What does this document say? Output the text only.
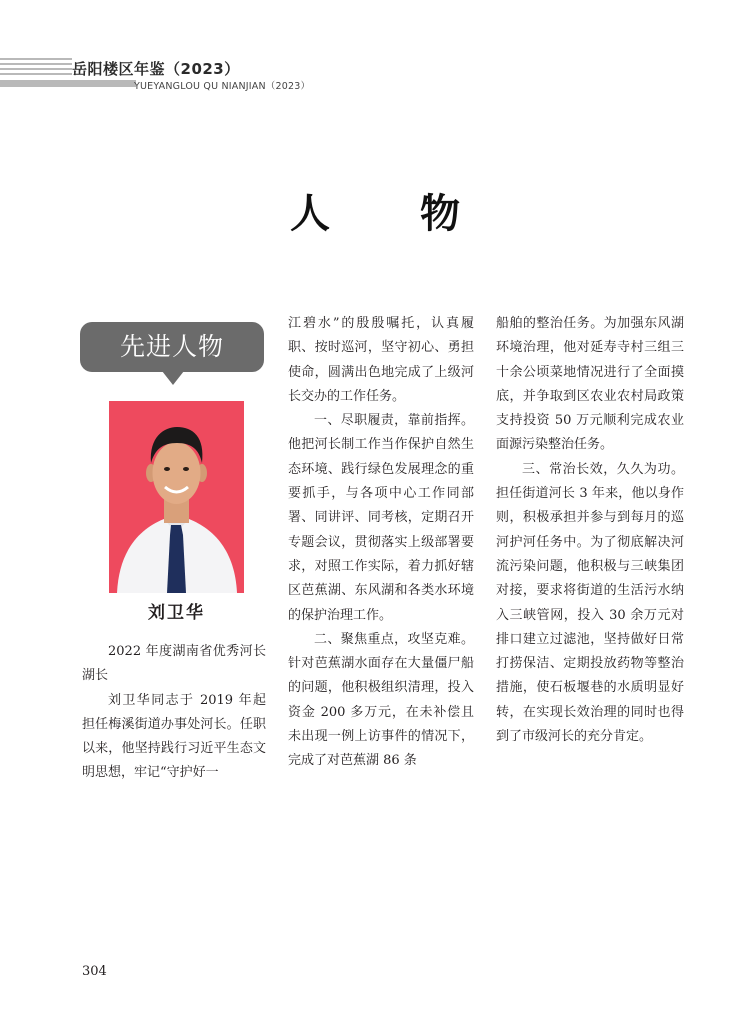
岳阳楼区年鉴（2023）
YUEYANGLOU QU NIANJIAN（2023）
人 物
先进人物
刘卫华

2022 年度湖南省优秀河长湖长

刘卫华同志于 2019 年起担任梅溪街道办事处河长。任职以来，他坚持践行习近平生态文明思想，牢记“守护好一

江碧水”的殷殷嘱托，认真履职、按时巡河，坚守初心、勇担使命，圆满出色地完成了上级河长交办的工作任务。

一、尽职履责，靠前指挥。他把河长制工作当作保护自然生态环境、践行绿色发展理念的重要抓手，与各项中心工作同部署、同讲评、同考核，定期召开专题会议，贯彻落实上级部署要求，对照工作实际，着力抓好辖区芭蕉湖、东风湖和各类水环境的保护治理工作。

二、聚焦重点，攻坚克难。针对芭蕉湖水面存在大量僵尸船的问题，他积极组织清理，投入资金 200 多万元，在未补偿且未出现一例上访事件的情况下，完成了对芭蕉湖 86 条

船舶的整治任务。为加强东风湖环境治理，他对延寿寺村三组三十余公顷菜地情况进行了全面摸底，并争取到区农业农村局政策支持投资 50 万元顺利完成农业面源污染整治任务。

三、常治长效，久久为功。担任街道河长 3 年来，他以身作则，积极承担并参与到每月的巡河护河任务中。为了彻底解决河流污染问题，他积极与三峡集团对接，要求将街道的生活污水纳入三峡管网，投入 30 余万元对排口建立过滤池，坚持做好日常打捞保洁、定期投放药物等整治措施，使石板堰巷的水质明显好转，在实现长效治理的同时也得到了市级河长的充分肯定。

304
